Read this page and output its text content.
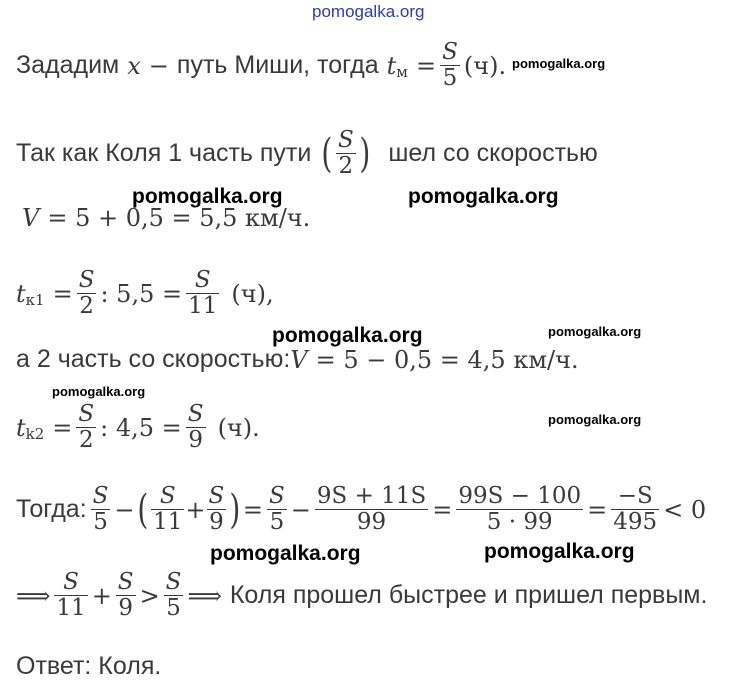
pomogalka.org
pomogalka.org
pomogalka.org	pomogalka.org
pomogalka.org	pomogalka.org
pomogalka.org
pomogalka.org
pomogalka.org	pomogalka.org
Зададим x − путь Миши, тогда t $м = \frac{S}{5} (ч)$.
Так как Коля 1 часть пути ( $\frac{S}{2}$ ) шел со скоростью
V = 5 + 0,5 = 5,5 км/ч.
t $к1 = \frac{S}{2}$ : $5,5 = \frac{S}{11} (ч)$,
а 2 часть со скоростью: V = 5 − 0,5 = 4,5 км/ч.
t $k2 = \frac{S}{2}$ : $4,5 = \frac{S}{9} (ч)$.
Тогда: $\frac{S}{5}$ − ( $\frac{S}{11} + \frac{S}{9}$ ) = $\frac{S}{5} - \frac{9S + 11S}{99} = \frac{99S - 100}{5 \cdot 99} = \frac{-S}{495} < 0$
⟹ $\frac{S}{11} + \frac{S}{9} > \frac{S}{5}$ ⟹ Коля прошел быстрее и пришел первым.
Ответ: Коля.
